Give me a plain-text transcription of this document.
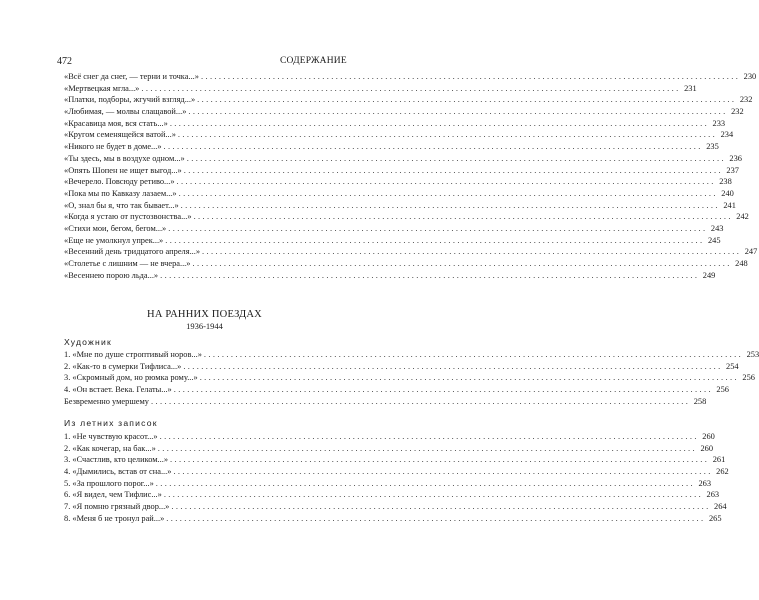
472	СОДЕРЖАНИЕ
«Всё снег да снег, — терни и точка...» ........................................................................................................................ 230
«Мертвецкая мгла...» ........................................................................................................................ 231
«Платки, подборы, жгучий взгляд...» ........................................................................................................................ 232
«Любимая, — молвы слащавой...» ........................................................................................................................ 232
«Красавица моя, вся стать...» ........................................................................................................................ 233
«Кругом семенящейся ватой...» ........................................................................................................................ 234
«Никого не будет в доме...» ........................................................................................................................ 235
«Ты здесь, мы в воздухе одном...» ........................................................................................................................ 236
«Опять Шопен не ищет выгод...» ........................................................................................................................ 237
«Вечерело. Повсюду ретиво...» ........................................................................................................................ 238
«Пока мы по Кавказу лазаем...» ........................................................................................................................ 240
«О, знал бы я, что так бывает...» ........................................................................................................................ 241
«Когда я устаю от пустозвонства...» ........................................................................................................................ 242
«Стихи мои, бегом, бегом...» ........................................................................................................................ 243
«Еще не умолкнул упрек...» ........................................................................................................................ 245
«Весенний день тридцатого апреля...» ........................................................................................................................ 247
«Столетье с лишним — не вчера...» ........................................................................................................................ 248
«Весеннею порою льда...» ........................................................................................................................ 249
НА РАННИХ ПОЕЗДАХ
1936-1944
Художник
1. «Мне по душе строптивый норов...» ........................................................................................................................ 253
2. «Как-то в сумерки Тифлиса...» ........................................................................................................................ 254
3. «Скромный дом, но рюмка рому...» ........................................................................................................................ 256
4. «Он встает. Века. Гелаты...» ........................................................................................................................ 256
Безвременно умершему ........................................................................................................................ 258
Из летних записок
1. «Не чувствую красот...» ........................................................................................................................ 260
2. «Как кочегар, на бак...» ........................................................................................................................ 260
3. «Счастлив, кто целиком...» ........................................................................................................................ 261
4. «Дымились, встав от сна...» ........................................................................................................................ 262
5. «За прошлого порог...» ........................................................................................................................ 263
6. «Я видел, чем Тифлис...» ........................................................................................................................ 263
7. «Я помню грязный двор...» ........................................................................................................................ 264
8. «Меня б не тронул рай...» ........................................................................................................................ 265
